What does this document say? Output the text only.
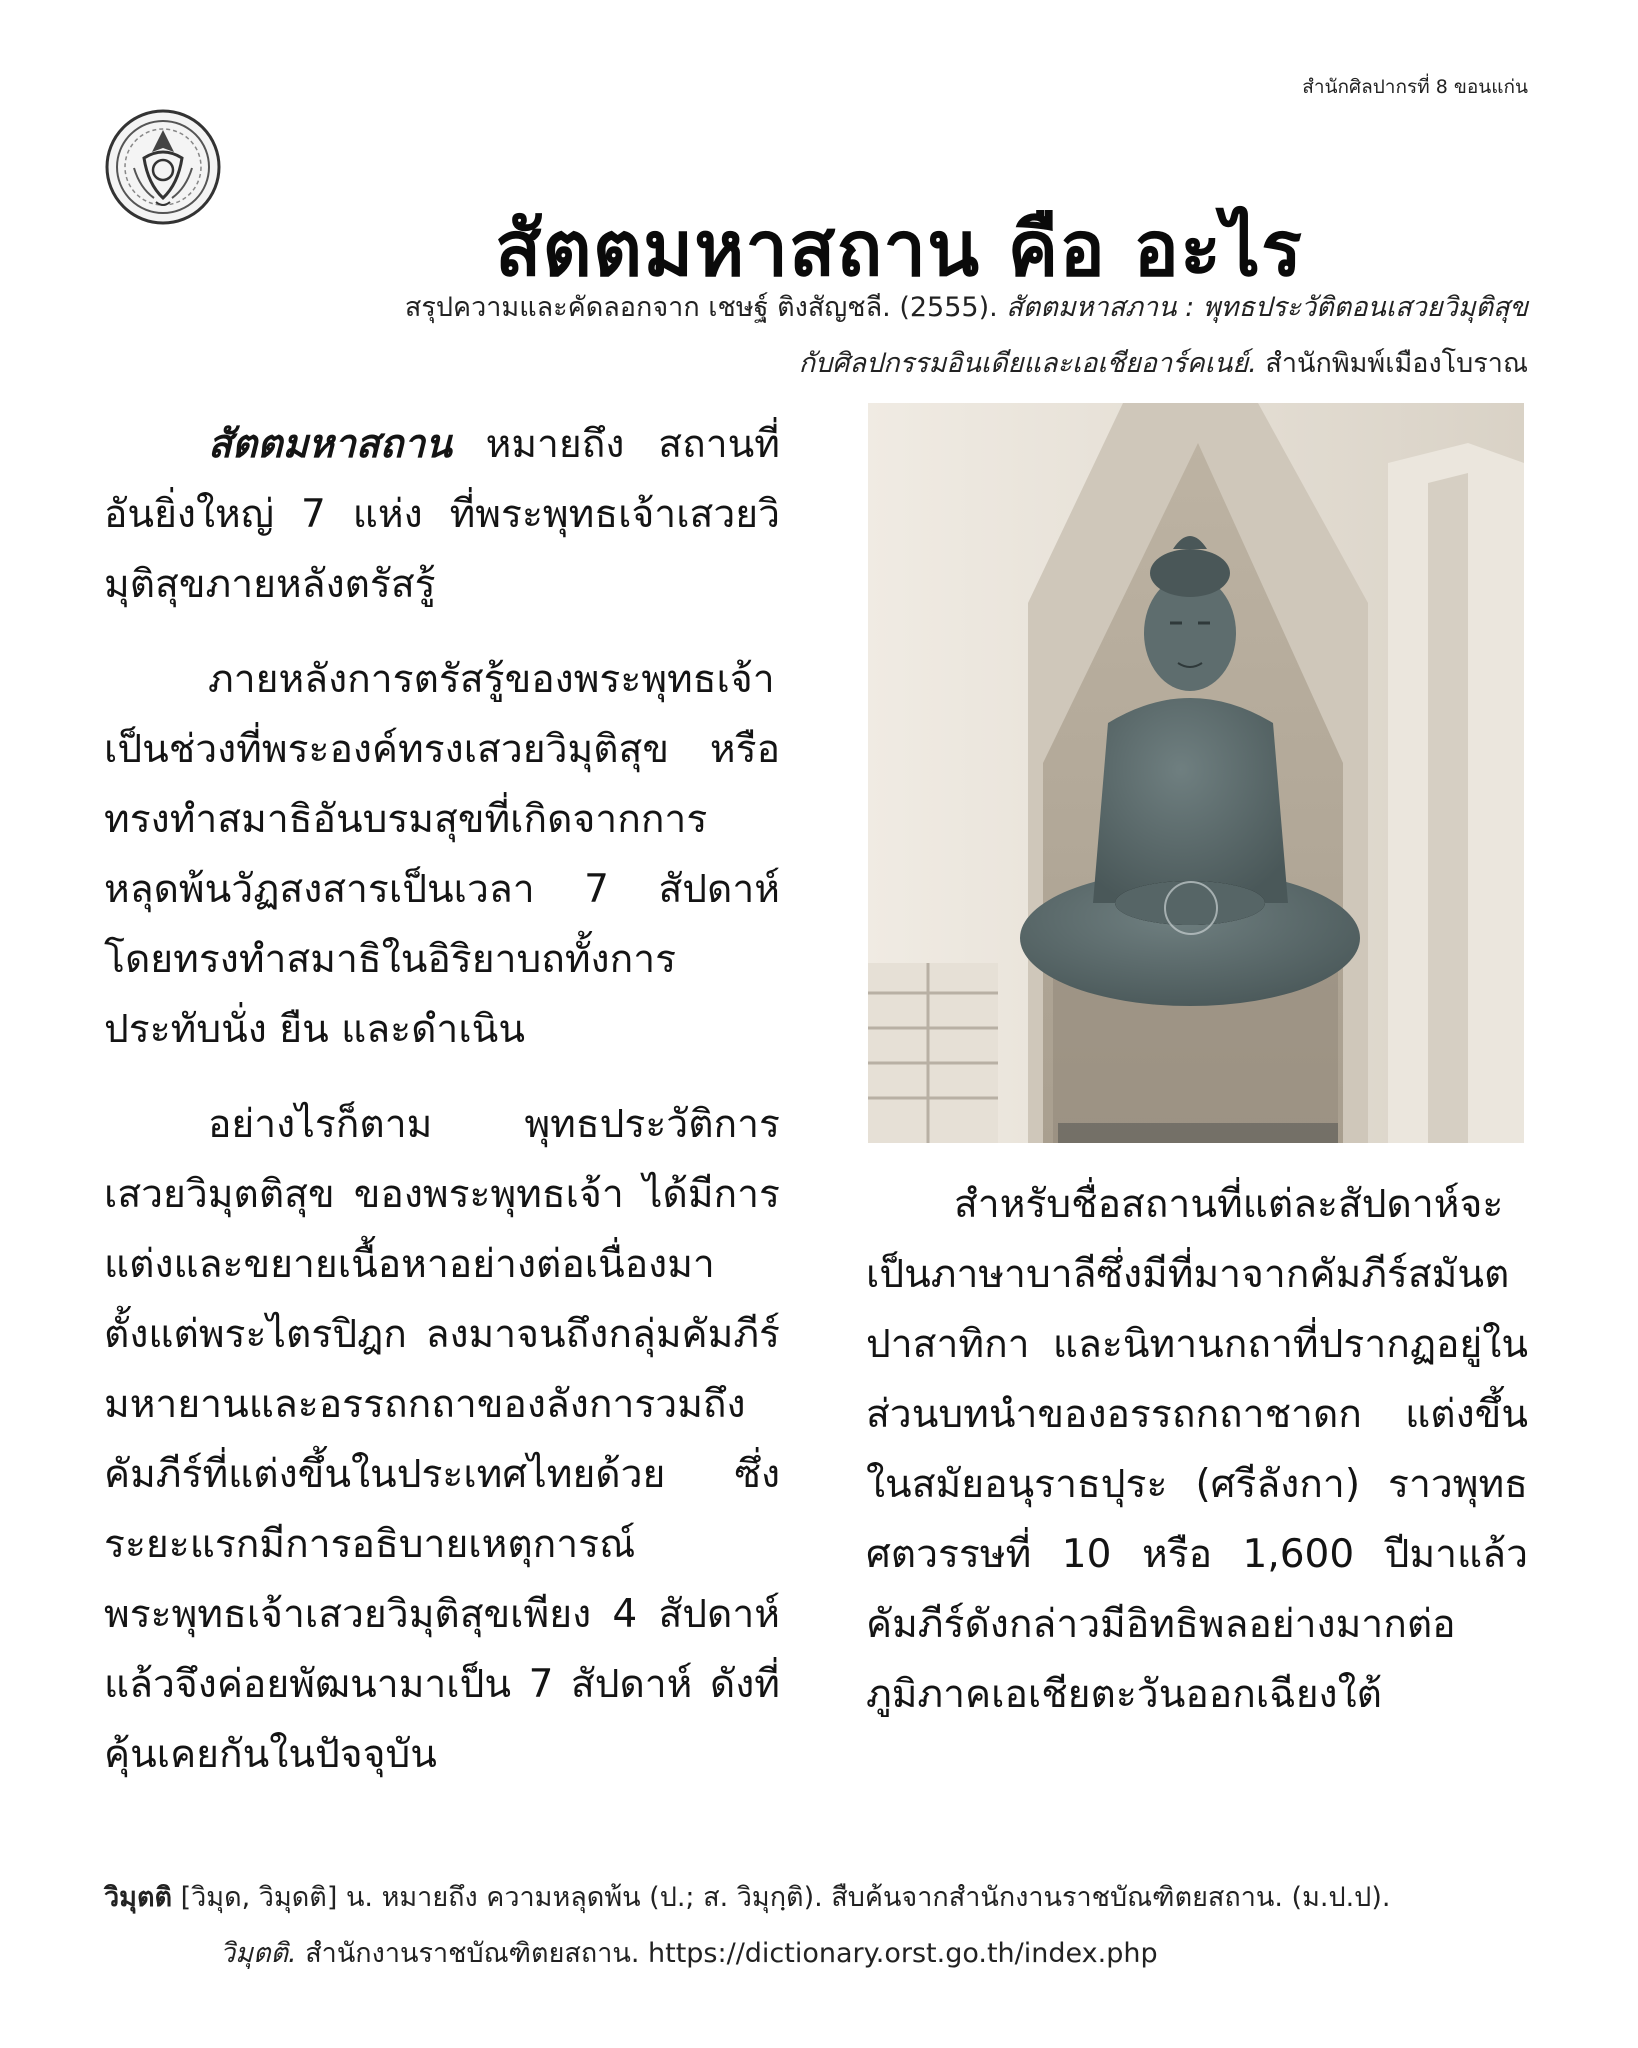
สำนักศิลปากรที่ 8 ขอนแก่น
สัตตมหาสถาน คือ อะไร
สรุปความและคัดลอกจาก เชษฐ์ ติงสัญชลี. (2555). สัตตมหาสภาน : พุทธประวัติตอนเสวยวิมุติสุข
กับศิลปกรรมอินเดียและเอเชียอาร์คเนย์. สำนักพิมพ์เมืองโบราณ

สัตตมหาสถาน หมายถึง สถานที่อันยิ่งใหญ่ 7 แห่ง ที่พระพุทธเจ้าเสวยวิมุติสุขภายหลังตรัสรู้

ภายหลังการตรัสรู้ของพระพุทธเจ้าเป็นช่วงที่พระองค์ทรงเสวยวิมุติสุข หรือทรงทำสมาธิอันบรมสุขที่เกิดจากการหลุดพ้นวัฏสงสารเป็นเวลา 7 สัปดาห์ โดยทรงทำสมาธิในอิริยาบถทั้งการประทับนั่ง ยืน และดำเนิน

อย่างไรก็ตาม พุทธประวัติการเสวยวิมุตติสุข ของพระพุทธเจ้า ได้มีการแต่งและขยายเนื้อหาอย่างต่อเนื่องมาตั้งแต่พระไตรปิฎก ลงมาจนถึงกลุ่มคัมภีร์มหายานและอรรถกถาของลังการวมถึงคัมภีร์ที่แต่งขึ้นในประเทศไทยด้วย ซึ่งระยะแรกมีการอธิบายเหตุการณ์พระพุทธเจ้าเสวยวิมุติสุขเพียง 4 สัปดาห์ แล้วจึงค่อยพัฒนามาเป็น 7 สัปดาห์ ดังที่คุ้นเคยกันในปัจจุบัน

สำหรับชื่อสถานที่แต่ละสัปดาห์จะเป็นภาษาบาลีซึ่งมีที่มาจากคัมภีร์สมันตปาสาทิกา และนิทานกถาที่ปรากฏอยู่ในส่วนบทนำของอรรถกถาชาดก แต่งขึ้นในสมัยอนุราธปุระ (ศรีลังกา) ราวพุทธศตวรรษที่ 10 หรือ 1,600 ปีมาแล้ว คัมภีร์ดังกล่าวมีอิทธิพลอย่างมากต่อภูมิภาคเอเชียตะวันออกเฉียงใต้

วิมุตติ [วิมุด, วิมุดติ] น. หมายถึง ความหลุดพ้น (ป.; ส. วิมุกฺติ). สืบค้นจากสำนักงานราชบัณฑิตยสถาน. (ม.ป.ป).
วิมุตติ. สำนักงานราชบัณฑิตยสถาน. https://dictionary.orst.go.th/index.php
